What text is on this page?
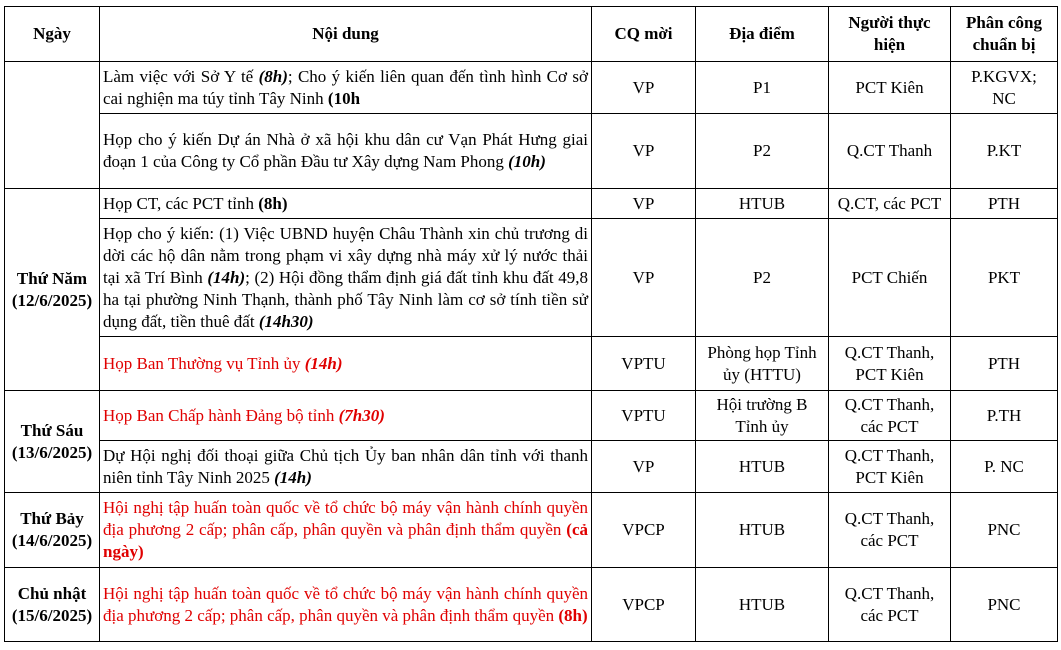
Ngày	Nội dung	CQ mời	Địa điểm	Người thực hiện	Phân công chuẩn bị
	Làm việc với Sở Y tế (8h); Cho ý kiến liên quan đến tình hình Cơ sở cai nghiện ma túy tỉnh Tây Ninh (10h	VP	P1	PCT Kiên	P.KGVX;
NC

	Họp cho ý kiến Dự án Nhà ở xã hội khu dân cư Vạn Phát Hưng giai đoạn 1 của Công ty Cổ phần Đầu tư Xây dựng Nam Phong (10h)	VP	P2	Q.CT Thanh	P.KT

Thứ Năm
(12/6/2025)	Họp CT, các PCT tỉnh (8h)	VP	HTUB	Q.CT, các PCT	PTH
	Họp cho ý kiến: (1) Việc UBND huyện Châu Thành xin chủ trương di dời các hộ dân nằm trong phạm vi xây dựng nhà máy xử lý nước thải tại xã Trí Bình (14h); (2) Hội đồng thẩm định giá đất tỉnh khu đất 49,8 ha tại phường Ninh Thạnh, thành phố Tây Ninh làm cơ sở tính tiền sử dụng đất, tiền thuê đất (14h30)	VP	P2	PCT Chiến	PKT
	Họp Ban Thường vụ Tỉnh ủy (14h)	VPTU	Phòng họp Tỉnh
ủy (HTTU)	Q.CT Thanh,
PCT Kiên	PTH

Thứ Sáu
(13/6/2025)	Họp Ban Chấp hành Đảng bộ tỉnh (7h30)	VPTU	Hội trường B
Tỉnh ủy	Q.CT Thanh,
các PCT	P.TH
	Dự Hội nghị đối thoại giữa Chủ tịch Ủy ban nhân dân tỉnh với thanh niên tỉnh Tây Ninh 2025 (14h)	VP	HTUB	Q.CT Thanh,
PCT Kiên	P. NC

Thứ Bảy
(14/6/2025)	Hội nghị tập huấn toàn quốc về tổ chức bộ máy vận hành chính quyền địa phương 2 cấp; phân cấp, phân quyền và phân định thẩm quyền (cả ngày)	VPCP	HTUB	Q.CT Thanh,
các PCT	PNC

Chủ nhật
(15/6/2025)	Hội nghị tập huấn toàn quốc về tổ chức bộ máy vận hành chính quyền địa phương 2 cấp; phân cấp, phân quyền và phân định thẩm quyền (8h)	VPCP	HTUB	Q.CT Thanh,
các PCT	PNC
